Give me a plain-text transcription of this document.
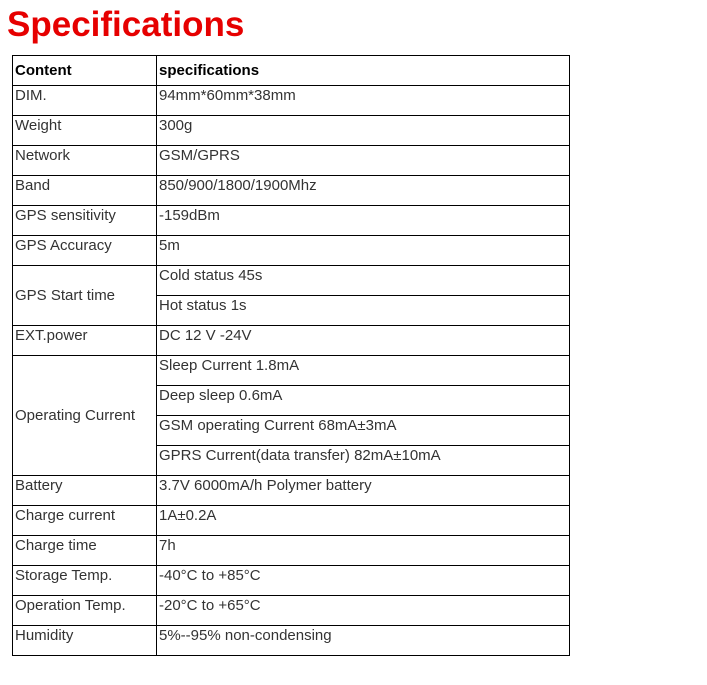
Specifications
Content	specifications
DIM.	94mm*60mm*38mm
Weight	300g
Network	GSM/GPRS
Band	850/900/1800/1900Mhz
GPS sensitivity	-159dBm
GPS Accuracy	5m
GPS Start time	Cold status 45s
	Hot status 1s
EXT.power	DC 12 V -24V
Operating Current	Sleep Current 1.8mA
	Deep sleep 0.6mA
	GSM operating Current 68mA±3mA
	GPRS Current(data transfer) 82mA±10mA
Battery	3.7V 6000mA/h Polymer battery
Charge current	1A±0.2A
Charge time	7h
Storage Temp.	-40°C to +85°C
Operation Temp.	-20°C to +65°C
Humidity	5%--95% non-condensing
